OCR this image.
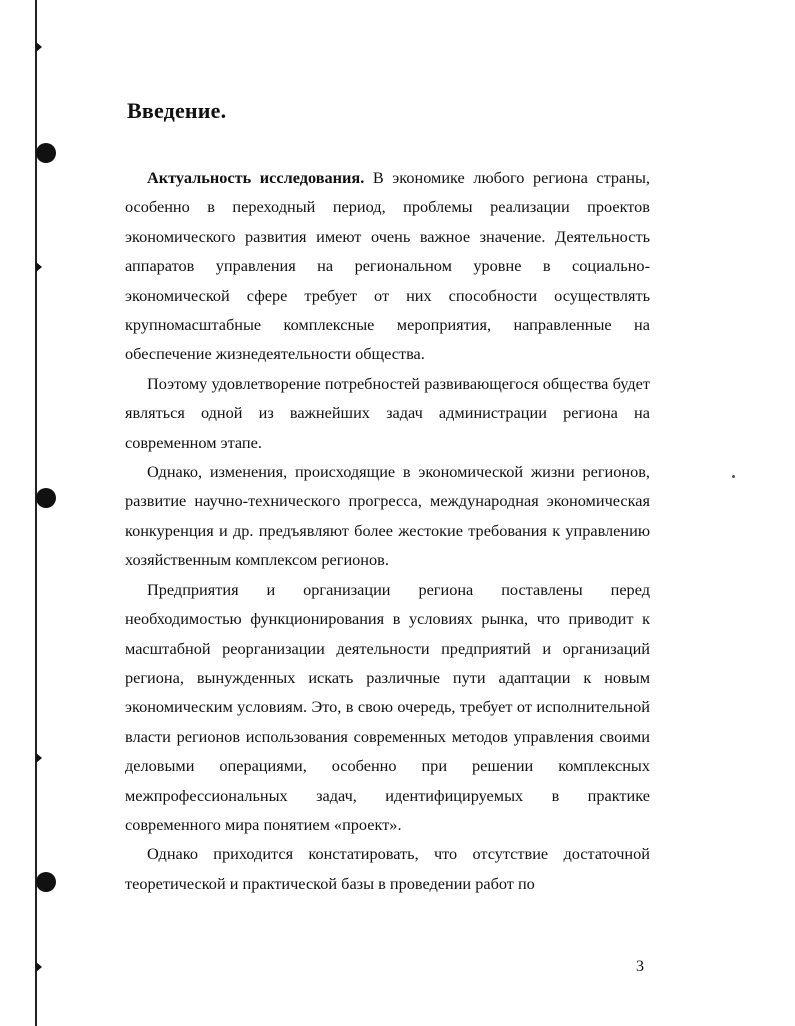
Введение.

Актуальность исследования. В экономике любого региона страны, особенно в переходный период, проблемы реализации проектов экономического развития имеют очень важное значение. Деятельность аппаратов управления на региональном уровне в социально-экономической сфере требует от них способности осуществлять крупномасштабные комплексные мероприятия, направленные на обеспечение жизнедеятельности общества.

Поэтому удовлетворение потребностей развивающегося общества будет являться одной из важнейших задач администрации региона на современном этапе.

Однако, изменения, происходящие в экономической жизни регионов, развитие научно-технического прогресса, международная экономическая конкуренция и др. предъявляют более жестокие требования к управлению хозяйственным комплексом регионов.

Предприятия и организации региона поставлены перед необходимостью функционирования в условиях рынка, что приводит к масштабной реорганизации деятельности предприятий и организаций региона, вынужденных искать различные пути адаптации к новым экономическим условиям. Это, в свою очередь, требует от исполнительной власти регионов использования современных методов управления своими деловыми операциями, особенно при решении комплексных межпрофессиональных задач, идентифицируемых в практике современного мира понятием «проект».

Однако приходится констатировать, что отсутствие достаточной теоретической и практической базы в проведении работ по

3
